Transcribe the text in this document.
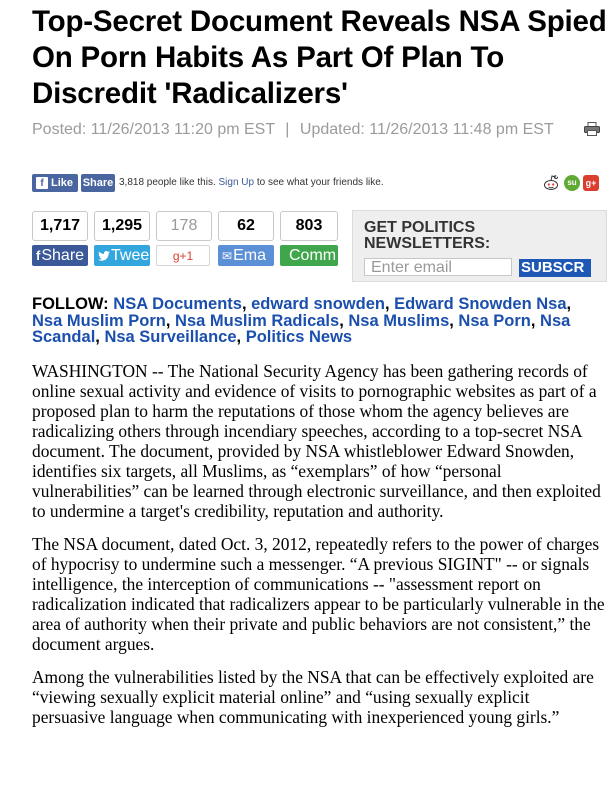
Top-Secret Document Reveals NSA Spied On Porn Habits As Part Of Plan To Discredit 'Radicalizers'
Posted: 11/26/2013 11:20 pm EST | Updated: 11/26/2013 11:48 pm EST
f Like Share 3,818 people like this. Sign Up to see what your friends like.	su g+
1,717	1,295	178	62	803
fShare	Twee	g+1	✉Ema	Comm
GET POLITICS NEWSLETTERS:
Enter email	SUBSCR

FOLLOW: NSA Documents, edward snowden, Edward Snowden Nsa, Nsa Muslim Porn, Nsa Muslim Radicals, Nsa Muslims, Nsa Porn, Nsa Scandal, Nsa Surveillance, Politics News

WASHINGTON -- The National Security Agency has been gathering records of online sexual activity and evidence of visits to pornographic websites as part of a proposed plan to harm the reputations of those whom the agency believes are radicalizing others through incendiary speeches, according to a top-secret NSA document. The document, provided by NSA whistleblower Edward Snowden, identifies six targets, all Muslims, as “exemplars” of how “personal vulnerabilities” can be learned through electronic surveillance, and then exploited to undermine a target's credibility, reputation and authority.

The NSA document, dated Oct. 3, 2012, repeatedly refers to the power of charges of hypocrisy to undermine such a messenger. “A previous SIGINT" -- or signals intelligence, the interception of communications -- "assessment report on radicalization indicated that radicalizers appear to be particularly vulnerable in the area of authority when their private and public behaviors are not consistent,” the document argues.

Among the vulnerabilities listed by the NSA that can be effectively exploited are “viewing sexually explicit material online” and “using sexually explicit persuasive language when communicating with inexperienced young girls.”
